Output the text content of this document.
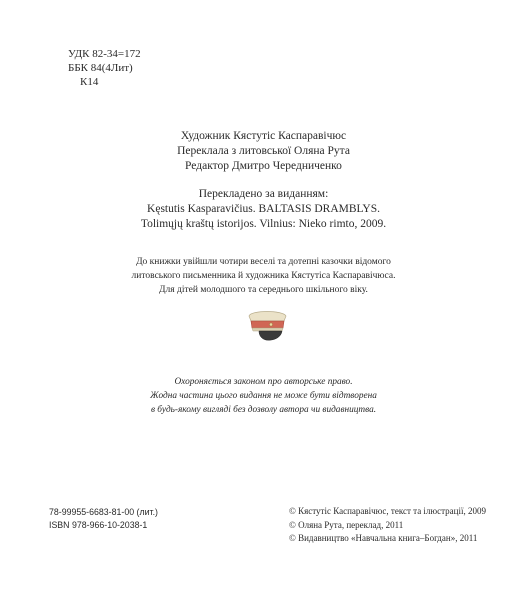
УДК 82-34=172
ББК 84(4Лит)
К14
Художник Кястутіс Каспаравічюс
Переклала з литовської Оляна Рута
Редактор Дмитро Чередниченко
Перекладено за виданням:
Kęstutis Kasparavičius. BALTASIS DRAMBLYS.
Tolimųjų kraštų istorijos. Vilnius: Nieko rimto, 2009.
До книжки увійшли чотири веселі та дотепні казочки відомого
литовського письменника й художника Кястутіса Каспаравічюса.
Для дітей молодшого та середнього шкільного віку.
Охороняється законом про авторське право.
Жодна частина цього видання не може бути відтворена
в будь-якому вигляді без дозволу автора чи видавництва.
78-99955-6683-81-00 (лит.)
ISBN 978-966-10-2038-1
© Кястутіс Каспаравічюс, текст та ілюстрації, 2009
© Оляна Рута, переклад, 2011
© Видавництво «Навчальна книга–Богдан», 2011
